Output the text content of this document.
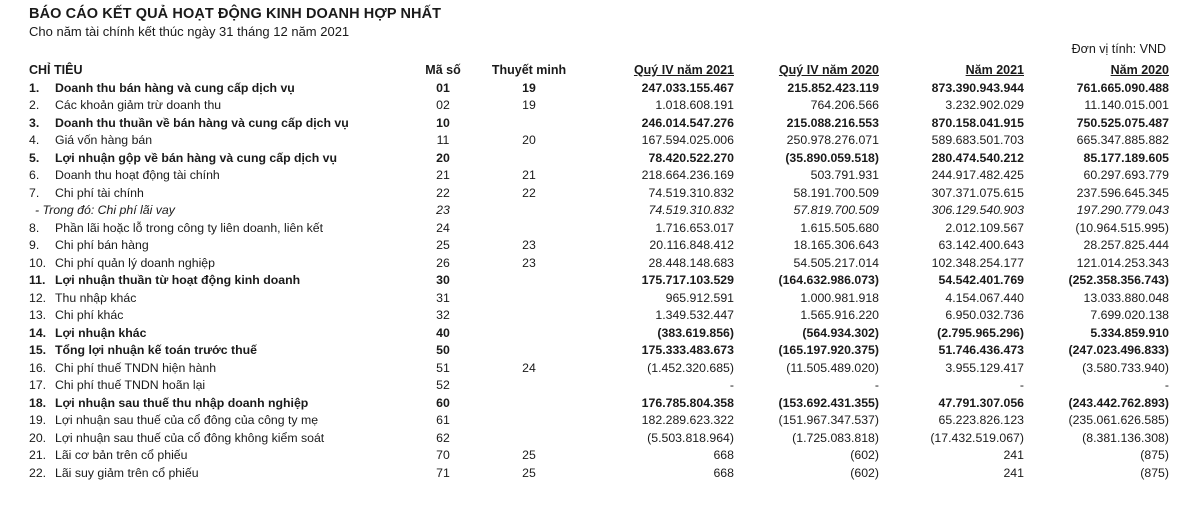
BÁO CÁO KẾT QUẢ HOẠT ĐỘNG KINH DOANH HỢP NHẤT
Cho năm tài chính kết thúc ngày 31 tháng 12 năm 2021
Đơn vị tính: VND
CHỈ TIÊU	Mã số	Thuyết minh	Quý IV năm 2021	Quý IV năm 2020	Năm 2021	Năm 2020
1. Doanh thu bán hàng và cung cấp dịch vụ	01	19	247.033.155.467	215.852.423.119	873.390.943.944	761.665.090.488
2. Các khoản giảm trừ doanh thu	02	19	1.018.608.191	764.206.566	3.232.902.029	11.140.015.001
3. Doanh thu thuần về bán hàng và cung cấp dịch vụ	10		246.014.547.276	215.088.216.553	870.158.041.915	750.525.075.487
4. Giá vốn hàng bán	11	20	167.594.025.006	250.978.276.071	589.683.501.703	665.347.885.882
5. Lợi nhuận gộp về bán hàng và cung cấp dịch vụ	20		78.420.522.270	(35.890.059.518)	280.474.540.212	85.177.189.605
6. Doanh thu hoạt động tài chính	21	21	218.664.236.169	503.791.931	244.917.482.425	60.297.693.779
7. Chi phí tài chính	22	22	74.519.310.832	58.191.700.509	307.371.075.615	237.596.645.345
- Trong đó: Chi phí lãi vay	23		74.519.310.832	57.819.700.509	306.129.540.903	197.290.779.043
8. Phần lãi hoặc lỗ trong công ty liên doanh, liên kết	24		1.716.653.017	1.615.505.680	2.012.109.567	(10.964.515.995)
9. Chi phí bán hàng	25	23	20.116.848.412	18.165.306.643	63.142.400.643	28.257.825.444
10. Chi phí quản lý doanh nghiệp	26	23	28.448.148.683	54.505.217.014	102.348.254.177	121.014.253.343
11. Lợi nhuận thuần từ hoạt động kinh doanh	30		175.717.103.529	(164.632.986.073)	54.542.401.769	(252.358.356.743)
12. Thu nhập khác	31		965.912.591	1.000.981.918	4.154.067.440	13.033.880.048
13. Chi phí khác	32		1.349.532.447	1.565.916.220	6.950.032.736	7.699.020.138
14. Lợi nhuận khác	40		(383.619.856)	(564.934.302)	(2.795.965.296)	5.334.859.910
15. Tổng lợi nhuận kế toán trước thuế	50		175.333.483.673	(165.197.920.375)	51.746.436.473	(247.023.496.833)
16. Chi phí thuế TNDN hiện hành	51	24	(1.452.320.685)	(11.505.489.020)	3.955.129.417	(3.580.733.940)
17. Chi phí thuế TNDN hoãn lại	52		-	-	-	-
18. Lợi nhuận sau thuế thu nhập doanh nghiệp	60		176.785.804.358	(153.692.431.355)	47.791.307.056	(243.442.762.893)
19. Lợi nhuận sau thuế của cổ đông của công ty mẹ	61		182.289.623.322	(151.967.347.537)	65.223.826.123	(235.061.626.585)
20. Lợi nhuận sau thuế của cổ đông không kiểm soát	62		(5.503.818.964)	(1.725.083.818)	(17.432.519.067)	(8.381.136.308)
21. Lãi cơ bản trên cổ phiếu	70	25	668	(602)	241	(875)
22. Lãi suy giảm trên cổ phiếu	71	25	668	(602)	241	(875)
